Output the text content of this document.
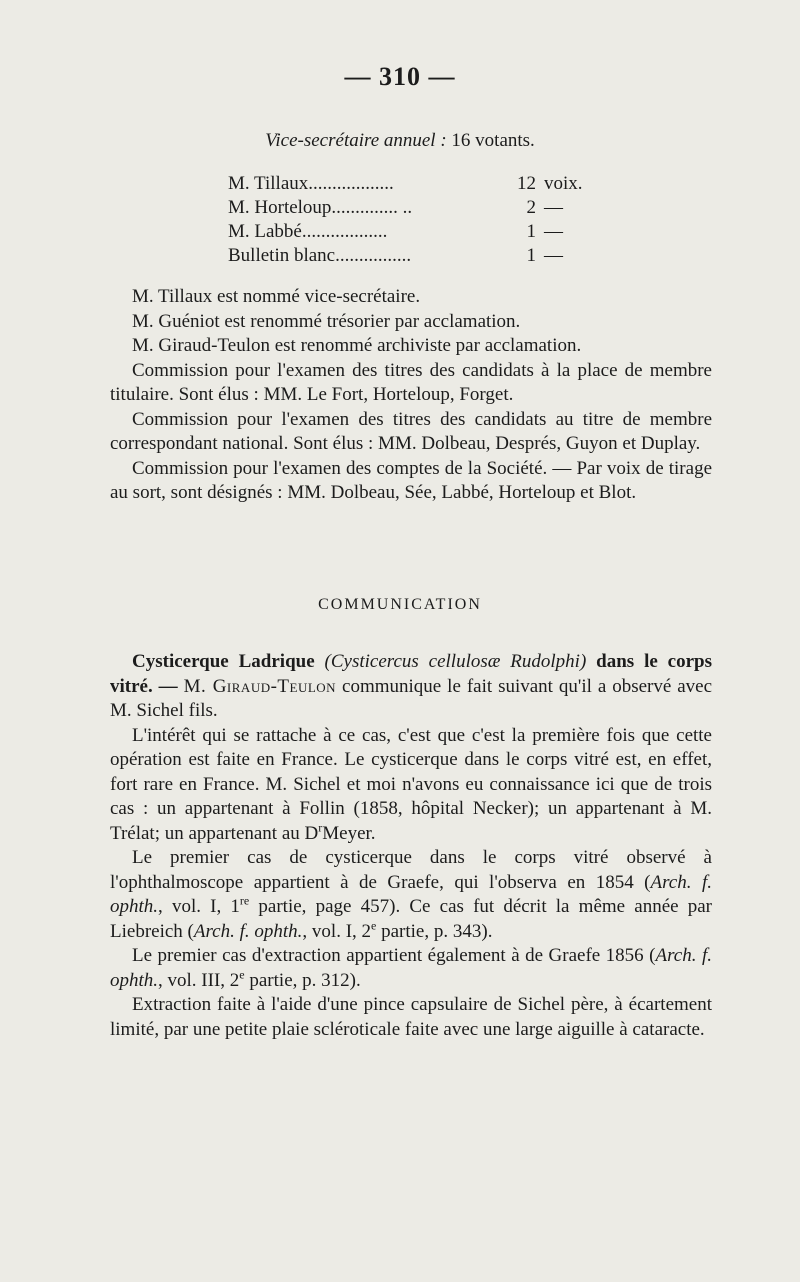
— 310 —
Vice-secrétaire annuel : 16 votants.
M. Tillaux..................	12 voix.
M. Horteloup.............. ..	2 —
M. Labbé..................	1 —
Bulletin blanc................	1 —

M. Tillaux est nommé vice-secrétaire.

M. Guéniot est renommé trésorier par acclamation.

M. Giraud-Teulon est renommé archiviste par acclamation.

Commission pour l'examen des titres des candidats à la place de membre titulaire. Sont élus : MM. Le Fort, Horteloup, Forget.

Commission pour l'examen des titres des candidats au titre de membre correspondant national. Sont élus : MM. Dolbeau, Després, Guyon et Duplay.

Commission pour l'examen des comptes de la Société. — Par voix de tirage au sort, sont désignés : MM. Dolbeau, Sée, Labbé, Horteloup et Blot.

COMMUNICATION

Cysticerque Ladrique (Cysticercus cellulosæ Rudolphi) dans le corps vitré. — M. Giraud-Teulon communique le fait suivant qu'il a observé avec M. Sichel fils.

L'intérêt qui se rattache à ce cas, c'est que c'est la première fois que cette opération est faite en France. Le cysticerque dans le corps vitré est, en effet, fort rare en France. M. Sichel et moi n'avons eu connaissance ici que de trois cas : un appartenant à Follin (1858, hôpital Necker); un appartenant à M. Trélat; un appartenant au $D^rMeyer$.

Le premier cas de cysticerque dans le corps vitré observé à l'ophthalmoscope appartient à de Graefe, qui l'observa en 1854 (Arch. f. ophth., vol. I, 1re partie, page 457). Ce cas fut décrit la même année par Liebreich (Arch. f. ophth., vol. I, 2e partie, p. 343).

Le premier cas d'extraction appartient également à de Graefe 1856 (Arch. f. ophth., vol. III, 2e partie, p. 312).

Extraction faite à l'aide d'une pince capsulaire de Sichel père, à écartement limité, par une petite plaie scléroticale faite avec une large aiguille à cataracte.
